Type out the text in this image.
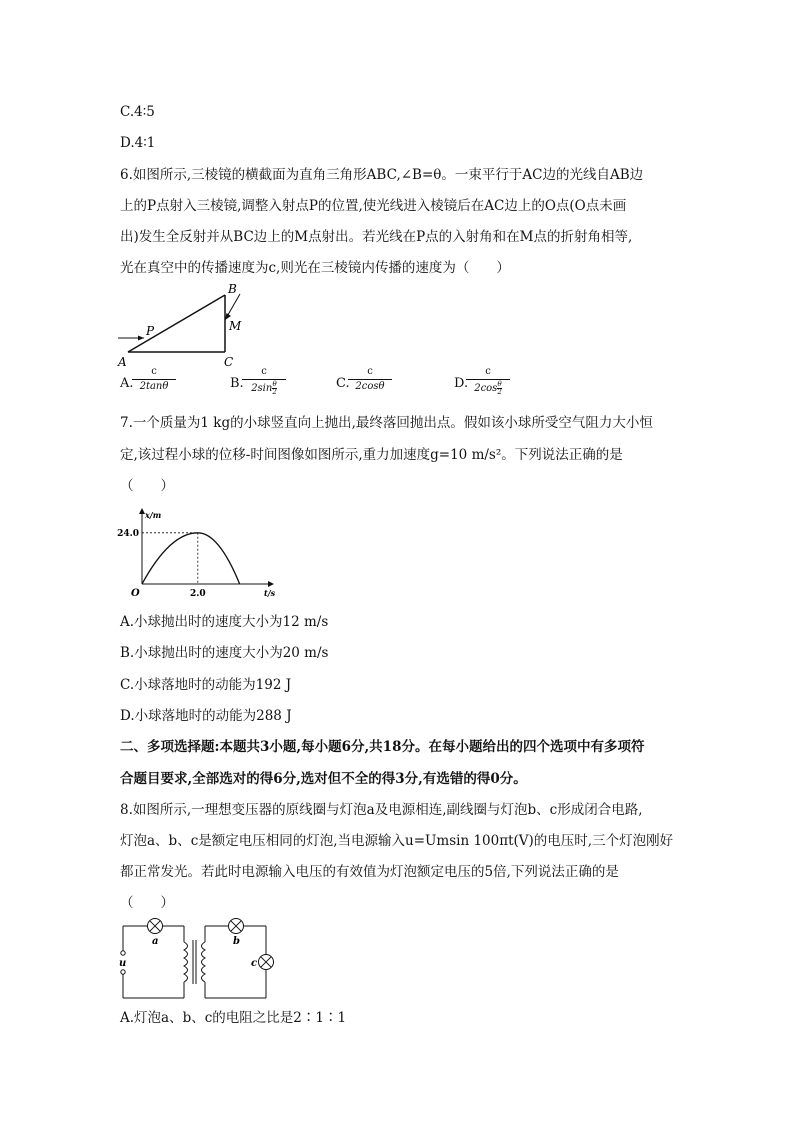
C.4∶5
D.4∶1
6.如图所示,三棱镜的横截面为直角三角形ABC,∠B=θ。一束平行于AC边的光线自AB边
上的P点射入三棱镜,调整入射点P的位置,使光线进入棱镜后在AC边上的O点(O点未画
出)发生全反射并从BC边上的M点射出。若光线在P点的入射角和在M点的折射角相等,
光在真空中的传播速度为c,则光在三棱镜内传播的速度为（　　）
A
B
C
P	M
A.
$\frac{c}{2\tan\theta}$	B.
$\frac{c}{2\sin \frac{\theta}{2}}$	C.
$\frac{c}{2\cos\theta}$	D.
$\frac{c}{2\cos \frac{\theta}{2}}$
7.一个质量为1 kg的小球竖直向上抛出,最终落回抛出点。假如该小球所受空气阻力大小恒
定,该过程小球的位移-时间图像如图所示,重力加速度g=10 m/s²。下列说法正确的是
（　　）
x/m
t/s
24.0
2.0
O
A.小球抛出时的速度大小为12 m/s
B.小球抛出时的速度大小为20 m/s
C.小球落地时的动能为192 J
D.小球落地时的动能为288 J
二、多项选择题:本题共3小题,每小题6分,共18分。在每小题给出的四个选项中有多项符
合题目要求,全部选对的得6分,选对但不全的得3分,有选错的得0分。
8.如图所示,一理想变压器的原线圈与灯泡a及电源相连,副线圈与灯泡b、c形成闭合电路,
灯泡a、b、c是额定电压相同的灯泡,当电源输入u=Umsin 100πt(V)的电压时,三个灯泡刚好
都正常发光。若此时电源输入电压的有效值为灯泡额定电压的5倍,下列说法正确的是
（　　）
u
a	b
c
A.灯泡a、b、c的电阻之比是2∶1∶1
